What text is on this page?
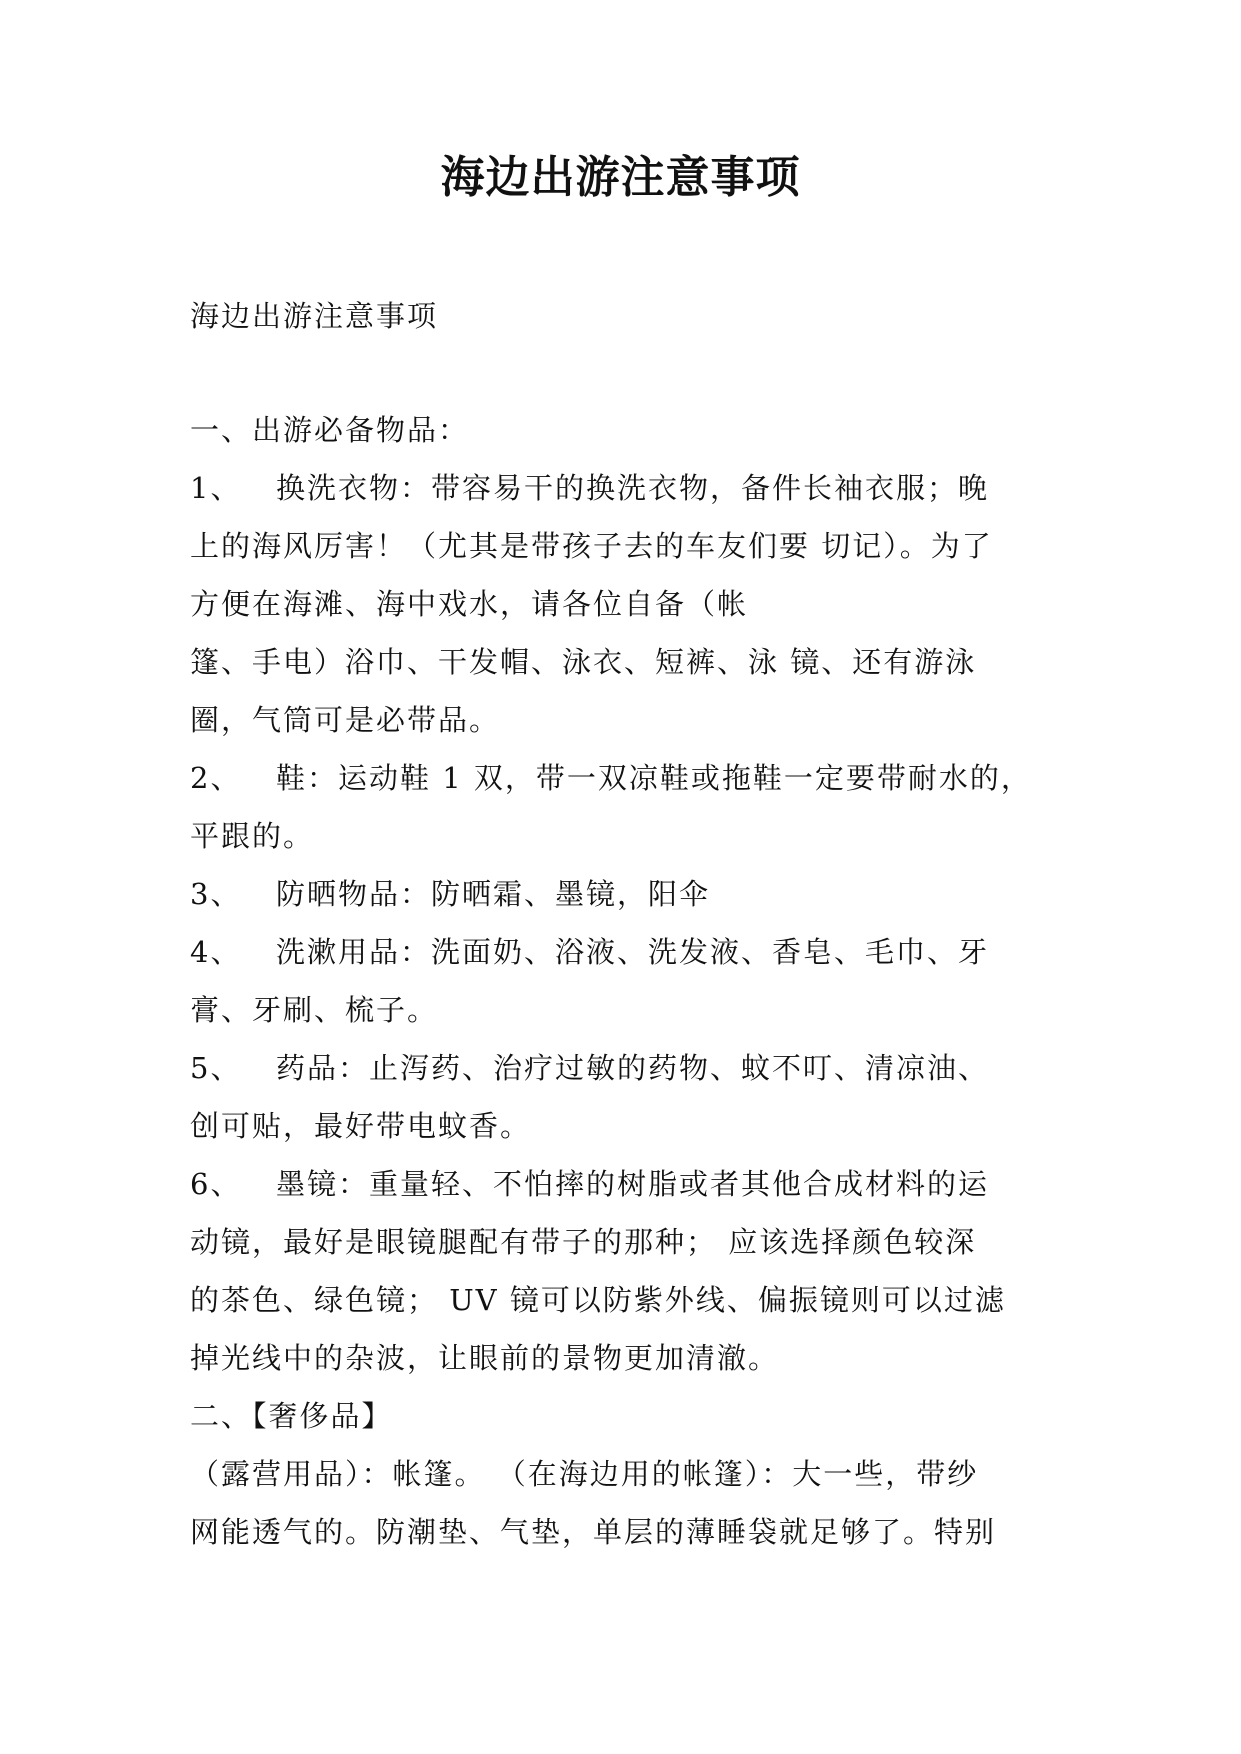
海边出游注意事项
海边出游注意事项
一、出游必备物品：
1、 换洗衣物：带容易干的换洗衣物，备件长袖衣服；晚
上的海风厉害！（尤其是带孩子去的车友们要 切记）。为了
方便在海滩、海中戏水，请各位自备（帐
篷、手电）浴巾、干发帽、泳衣、短裤、泳 镜、还有游泳
圈，气筒可是必带品。
2、 鞋：运动鞋 1 双，带一双凉鞋或拖鞋一定要带耐水的，
平跟的。
3、 防晒物品：防晒霜、墨镜，阳伞
4、 洗漱用品：洗面奶、浴液、洗发液、香皂、毛巾、牙
膏、牙刷、梳子。
5、 药品：止泻药、治疗过敏的药物、蚊不叮、清凉油、
创可贴，最好带电蚊香。
6、 墨镜：重量轻、不怕摔的树脂或者其他合成材料的运
动镜，最好是眼镜腿配有带子的那种； 应该选择颜色较深
的茶色、绿色镜； UV 镜可以防紫外线、偏振镜则可以过滤
掉光线中的杂波，让眼前的景物更加清澈。
二、【奢侈品】
（露营用品）：帐篷。 （在海边用的帐篷）：大一些，带纱
网能透气的。防潮垫、气垫，单层的薄睡袋就足够了。特别
